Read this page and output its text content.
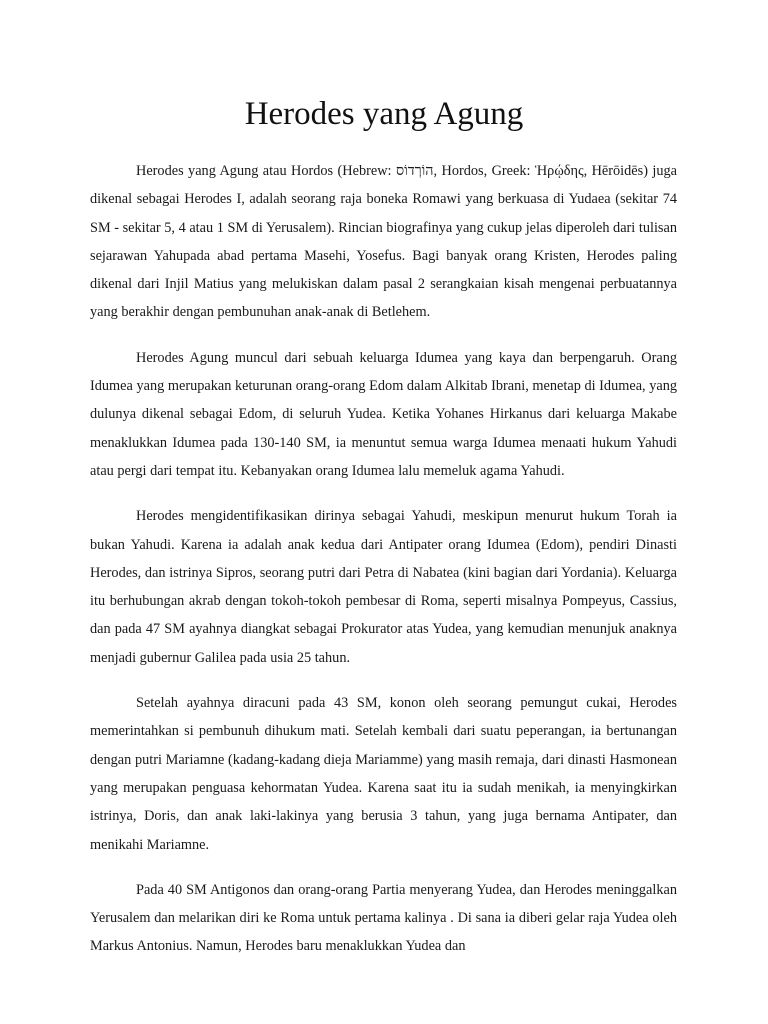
Herodes yang Agung

Herodes yang Agung atau Hordos (Hebrew: הוֹרְדוֹס, Hordos, Greek: Ἡρῴδης, Hērōidēs) juga dikenal sebagai Herodes I, adalah seorang raja boneka Romawi yang berkuasa di Yudaea (sekitar 74 SM - sekitar 5, 4 atau 1 SM di Yerusalem). Rincian biografinya yang cukup jelas diperoleh dari tulisan sejarawan Yahupada abad pertama Masehi, Yosefus. Bagi banyak orang Kristen, Herodes paling dikenal dari Injil Matius yang melukiskan dalam pasal 2 serangkaian kisah mengenai perbuatannya yang berakhir dengan pembunuhan anak-anak di Betlehem.

Herodes Agung muncul dari sebuah keluarga Idumea yang kaya dan berpengaruh. Orang Idumea yang merupakan keturunan orang-orang Edom dalam Alkitab Ibrani, menetap di Idumea, yang dulunya dikenal sebagai Edom, di seluruh Yudea. Ketika Yohanes Hirkanus dari keluarga Makabe menaklukkan Idumea pada 130-140 SM, ia menuntut semua warga Idumea menaati hukum Yahudi atau pergi dari tempat itu. Kebanyakan orang Idumea lalu memeluk agama Yahudi.

Herodes mengidentifikasikan dirinya sebagai Yahudi, meskipun menurut hukum Torah ia bukan Yahudi. Karena ia adalah anak kedua dari Antipater orang Idumea (Edom), pendiri Dinasti Herodes, dan istrinya Sipros, seorang putri dari Petra di Nabatea (kini bagian dari Yordania). Keluarga itu berhubungan akrab dengan tokoh-tokoh pembesar di Roma, seperti misalnya Pompeyus, Cassius, dan pada 47 SM ayahnya diangkat sebagai Prokurator atas Yudea, yang kemudian menunjuk anaknya menjadi gubernur Galilea pada usia 25 tahun.

Setelah ayahnya diracuni pada 43 SM, konon oleh seorang pemungut cukai, Herodes memerintahkan si pembunuh dihukum mati. Setelah kembali dari suatu peperangan, ia bertunangan dengan putri Mariamne (kadang-kadang dieja Mariamme) yang masih remaja, dari dinasti Hasmonean yang merupakan penguasa kehormatan Yudea. Karena saat itu ia sudah menikah, ia menyingkirkan istrinya, Doris, dan anak laki-lakinya yang berusia 3 tahun, yang juga bernama Antipater, dan menikahi Mariamne.

Pada 40 SM Antigonos dan orang-orang Partia menyerang Yudea, dan Herodes meninggalkan Yerusalem dan melarikan diri ke Roma untuk pertama kalinya . Di sana ia diberi gelar raja Yudea oleh Markus Antonius. Namun, Herodes baru menaklukkan Yudea dan
